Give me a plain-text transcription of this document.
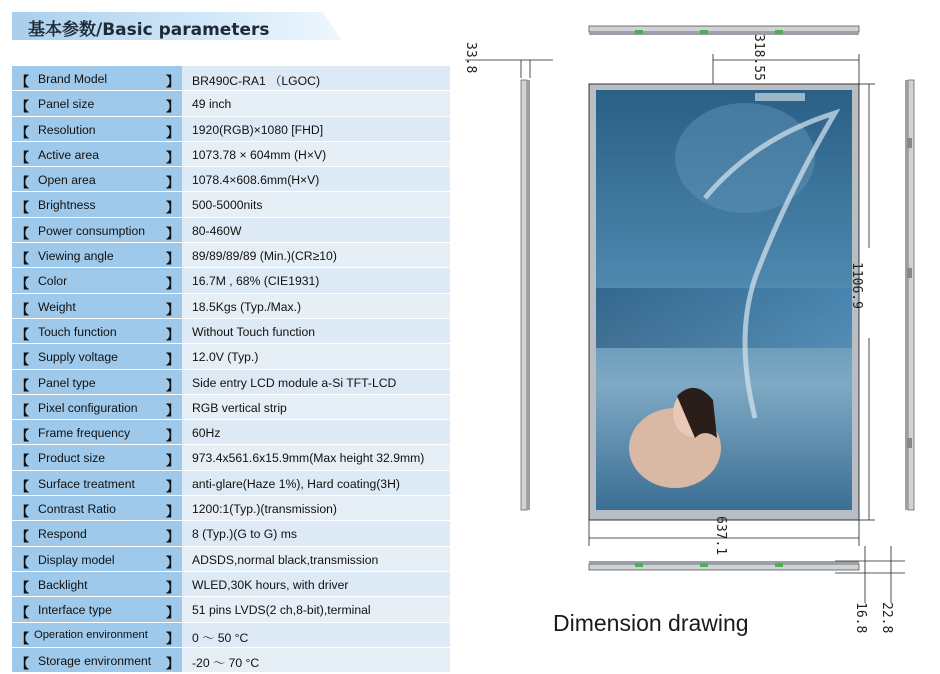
基本参数/Basic parameters
【 Brand Model	】 BR490C-RA1 （LGOC)
【 Panel size	】 49 inch
【 Resolution	】 1920(RGB)×1080 [FHD]
【 Active area	】 1073.78 × 604mm (H×V)
【 Open area	】 1078.4×608.6mm(H×V)
【 Brightness	】 500-5000nits
【 Power consumption 】 80-460W
【 Viewing angle	】 89/89/89/89 (Min.)(CR≥10)
【 Color	】 16.7M , 68% (CIE1931)
【 Weight	】 18.5Kgs (Typ./Max.)
【 Touch function	】 Without Touch function
【 Supply voltage	】 12.0V (Typ.)
【 Panel type	】 Side entry LCD module a-Si TFT-LCD
【 Pixel configuration 】 RGB vertical strip
【 Frame frequency	】 60Hz
【 Product size	】 973.4x561.6x15.9mm(Max height 32.9mm)
【 Surface treatment 】 anti-glare(Haze 1%), Hard coating(3H)
【 Contrast Ratio	】 1200:1(Typ.)(transmission)
【 Respond	】 8 (Typ.)(G to G) ms
【 Display model	】 ADSDS,normal black,transmission
【 Backlight	】 WLED,30K hours, with driver
【 Interface type	】 51 pins LVDS(2 ch,8-bit),terminal
【 Operation environment 】 0 ～ 50 °C
【 Storage environment 】 -20 ～ 70 °C
33.8	318.55
1106.9
637.1
16.8 22.8
Dimension drawing
